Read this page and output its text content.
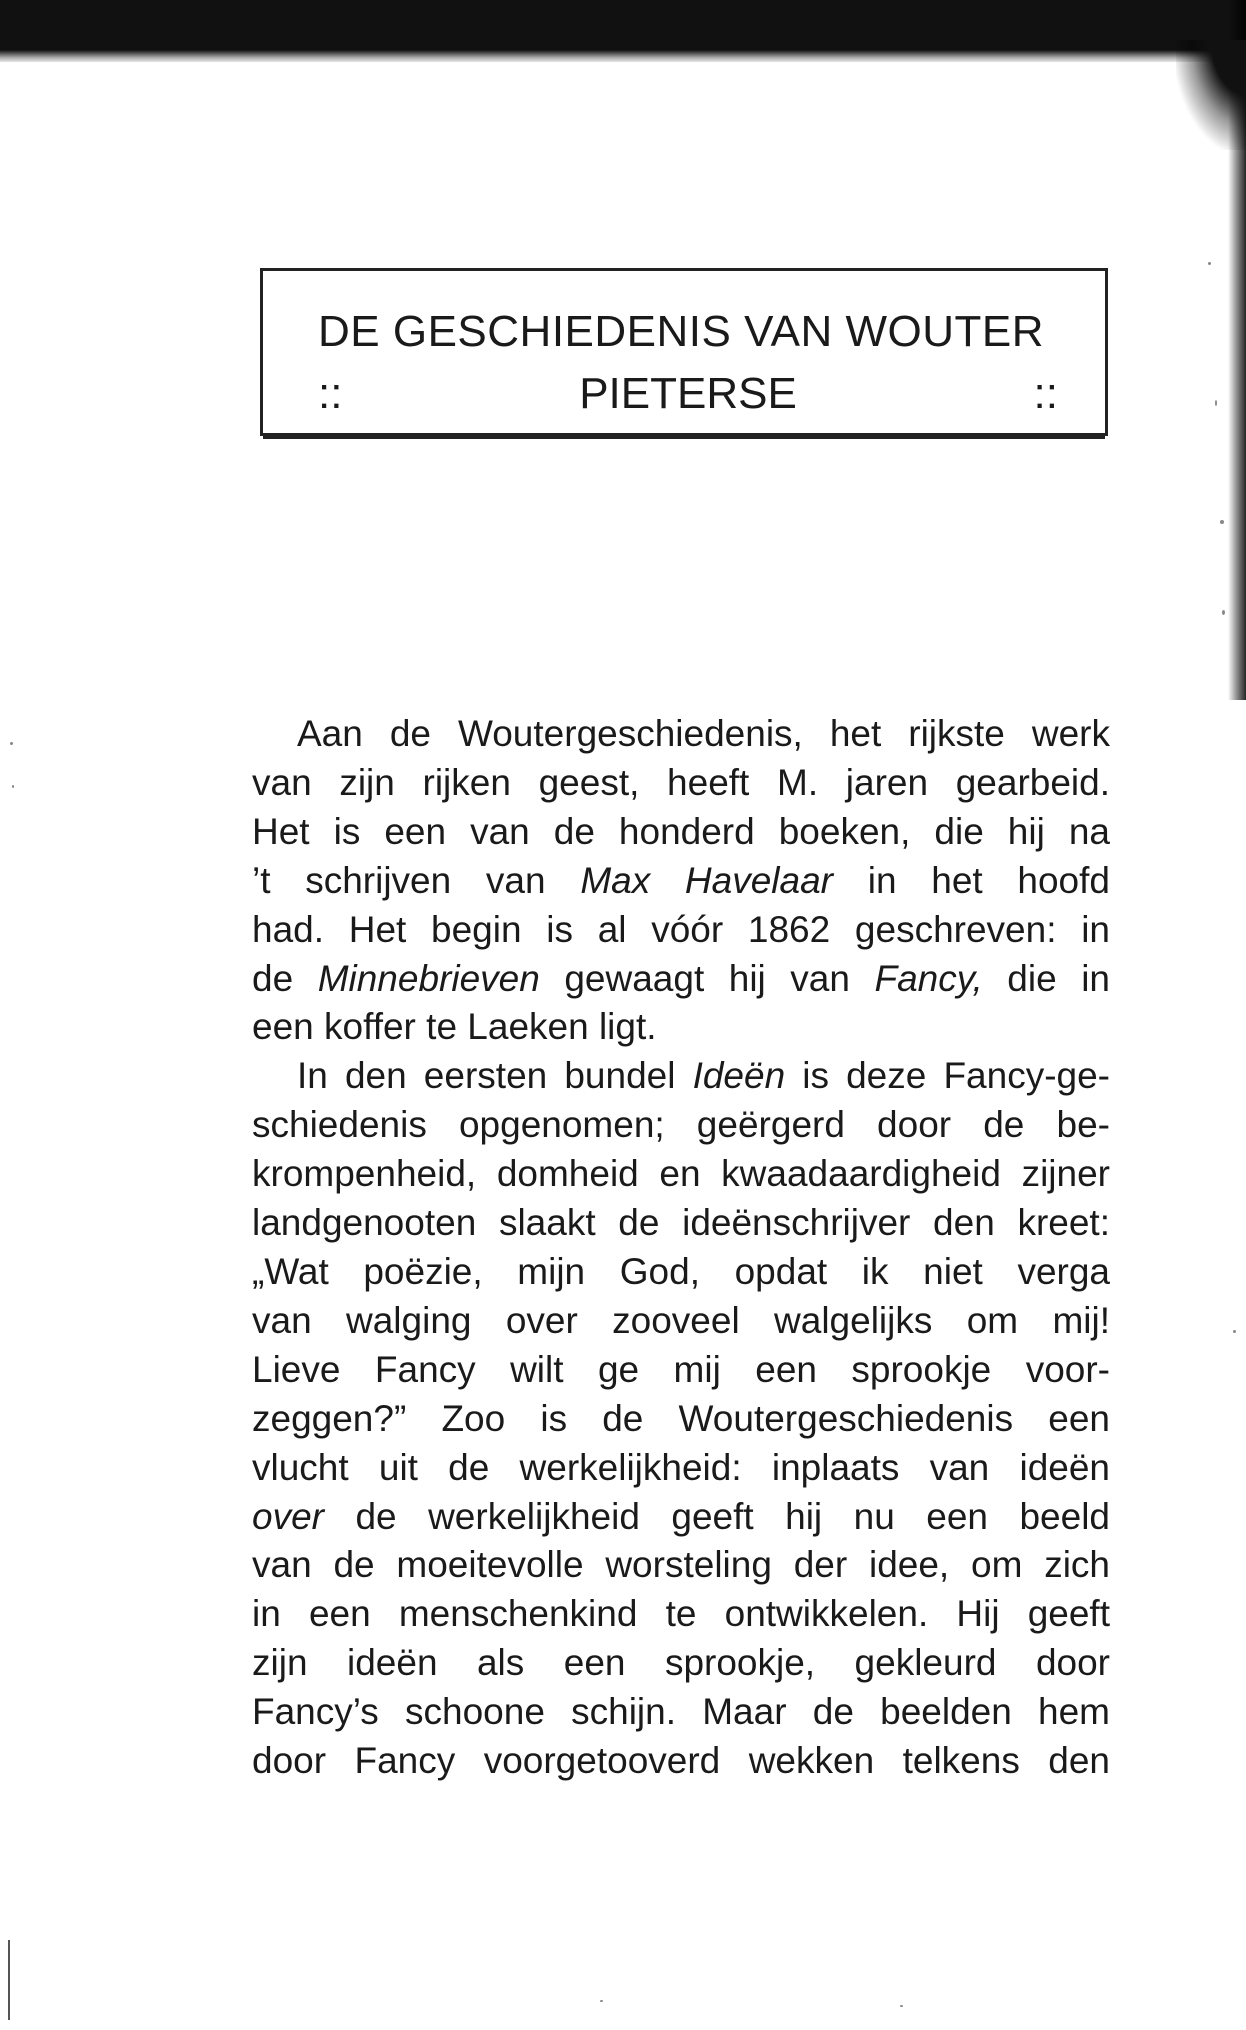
DE GESCHIEDENIS VAN WOUTER
::	PIETERSE	::
Aan de Woutergeschiedenis, het rijkste werk
van zijn rijken geest, heeft M. jaren gearbeid.
Het is een van de honderd boeken, die hij na
’t schrijven van Max Havelaar in het hoofd
had. Het begin is al vóór 1862 geschreven: in
de Minnebrieven gewaagt hij van Fancy, die in
een koffer te Laeken ligt.
In den eersten bundel Ideën is deze Fancy-ge-
schiedenis opgenomen; geërgerd door de be-
krompenheid, domheid en kwaadaardigheid zijner
landgenooten slaakt de ideënschrijver den kreet:
„Wat poëzie, mijn God, opdat ik niet verga
van walging over zooveel walgelijks om mij!
Lieve Fancy wilt ge mij een sprookje voor-
zeggen?” Zoo is de Woutergeschiedenis een
vlucht uit de werkelijkheid: inplaats van ideën
over de werkelijkheid geeft hij nu een beeld
van de moeitevolle worsteling der idee, om zich
in een menschenkind te ontwikkelen. Hij geeft
zijn ideën als een sprookje, gekleurd door
Fancy’s schoone schijn. Maar de beelden hem
door Fancy voorgetooverd wekken telkens den
